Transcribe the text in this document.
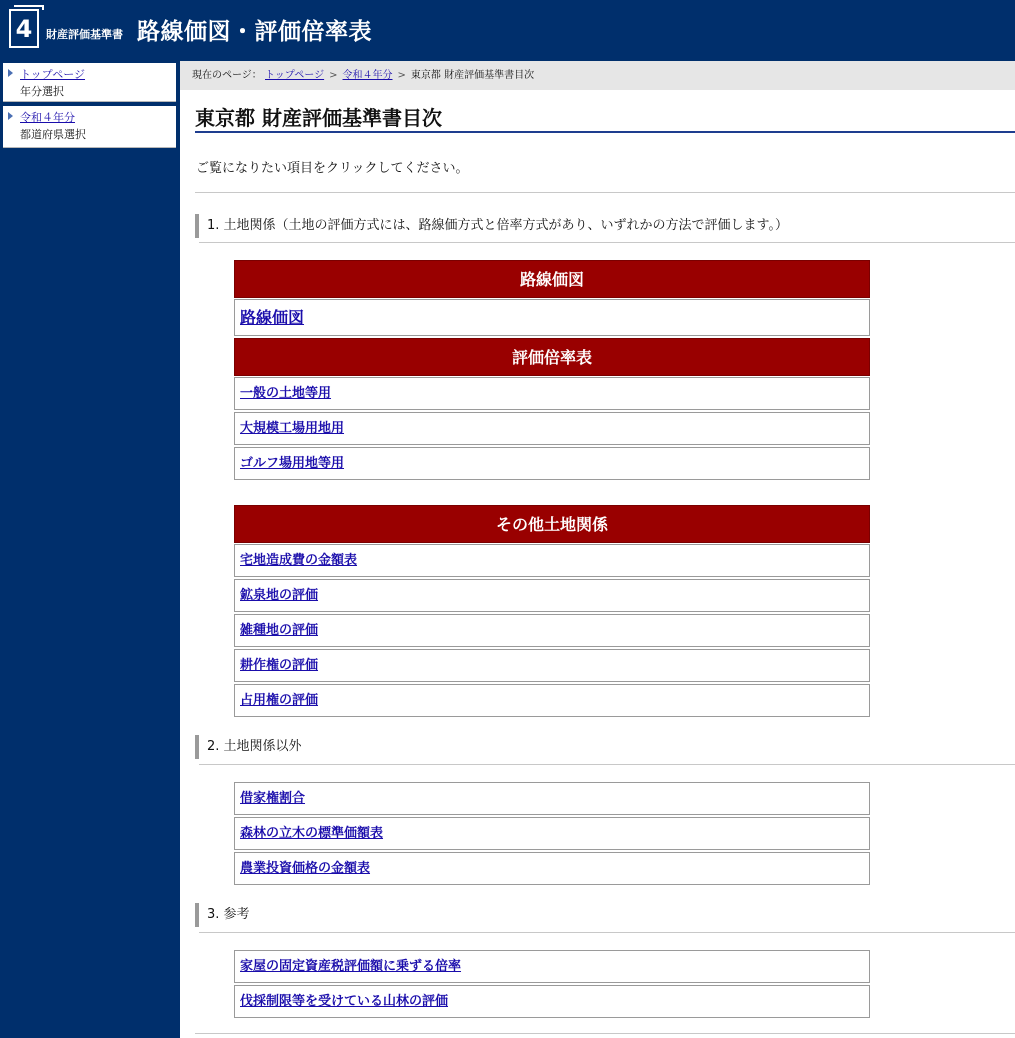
4	財産評価基準書 路線価図・評価倍率表
トップページ
年分選択
令和４年分
都道府県選択
現在のページ： トップページ > 令和４年分 > 東京都 財産評価基準書目次
東京都 財産評価基準書目次
ご覧になりたい項目をクリックしてください。
1. 土地関係（土地の評価方式には、路線価方式と倍率方式があり、いずれかの方法で評価します。）
路線価図
路線価図
評価倍率表
一般の土地等用
大規模工場用地用
ゴルフ場用地等用
その他土地関係
宅地造成費の金額表
鉱泉地の評価
雑種地の評価
耕作権の評価
占用権の評価
2. 土地関係以外
借家権割合
森林の立木の標準価額表
農業投資価格の金額表
3. 参考
家屋の固定資産税評価額に乗ずる倍率
伐採制限等を受けている山林の評価
